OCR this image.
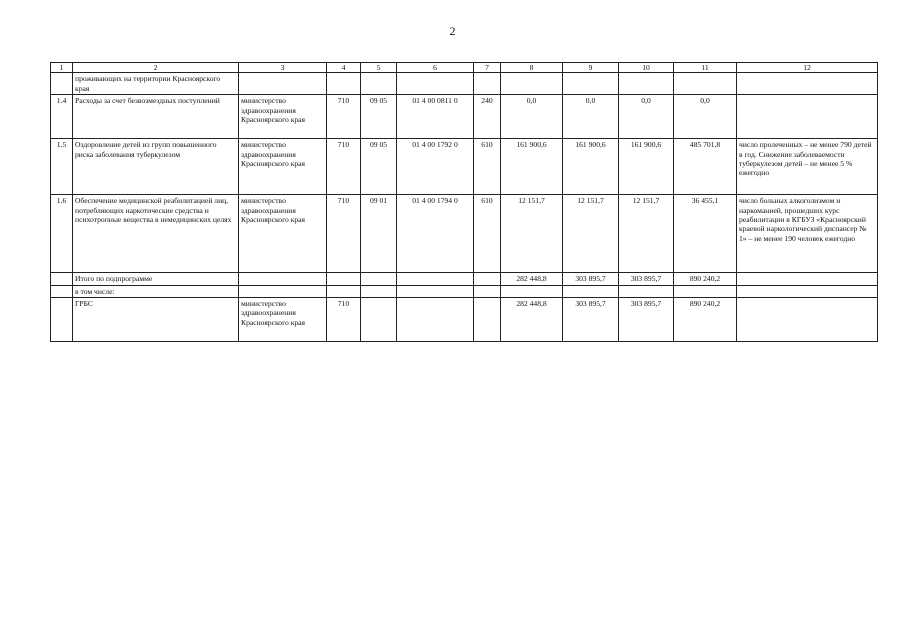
2
1	2	3	4	5	6	7	8	9	10	11	12
	проживающих на территории Красноярского края										
1.4	Расходы за счет безвозмездных поступлений	министерство здравоохранения Красноярского края	710	09 05	01 4 00 0811 0	240	0,0	0,0	0,0	0,0	
1.5	Оздоровление детей из групп повышенного риска заболевания туберкулезом	министерство здравоохранения Красноярского края	710	09 05	01 4 00 1792 0	610	161 900,6	161 900,6	161 900,6	485 701,8	число пролеченных – не менее 790 детей в год. Снижение заболеваемости туберкулезом детей – не менее 5 % ежегодно
1.6	Обеспечение медицинской реабилитацией лиц, потребляющих наркотические средства и психотропные вещества в немедицинских целях	министерство здравоохранения Красноярского края	710	09 01	01 4 00 1794 0	610	12 151,7	12 151,7	12 151,7	36 455,1	число больных алкоголизмом и наркоманией, прошедших курс реабилитации в КГБУЗ «Красноярский краевой наркологический диспансер № 1» – не менее 190 человек ежегодно
	Итого по подпрограмме						282 448,8	303 895,7	303 895,7	890 240,2	
	в том числе:										
	ГРБС	министерство здравоохранения Красноярского края	710				282 448,8	303 895,7	303 895,7	890 240,2	
